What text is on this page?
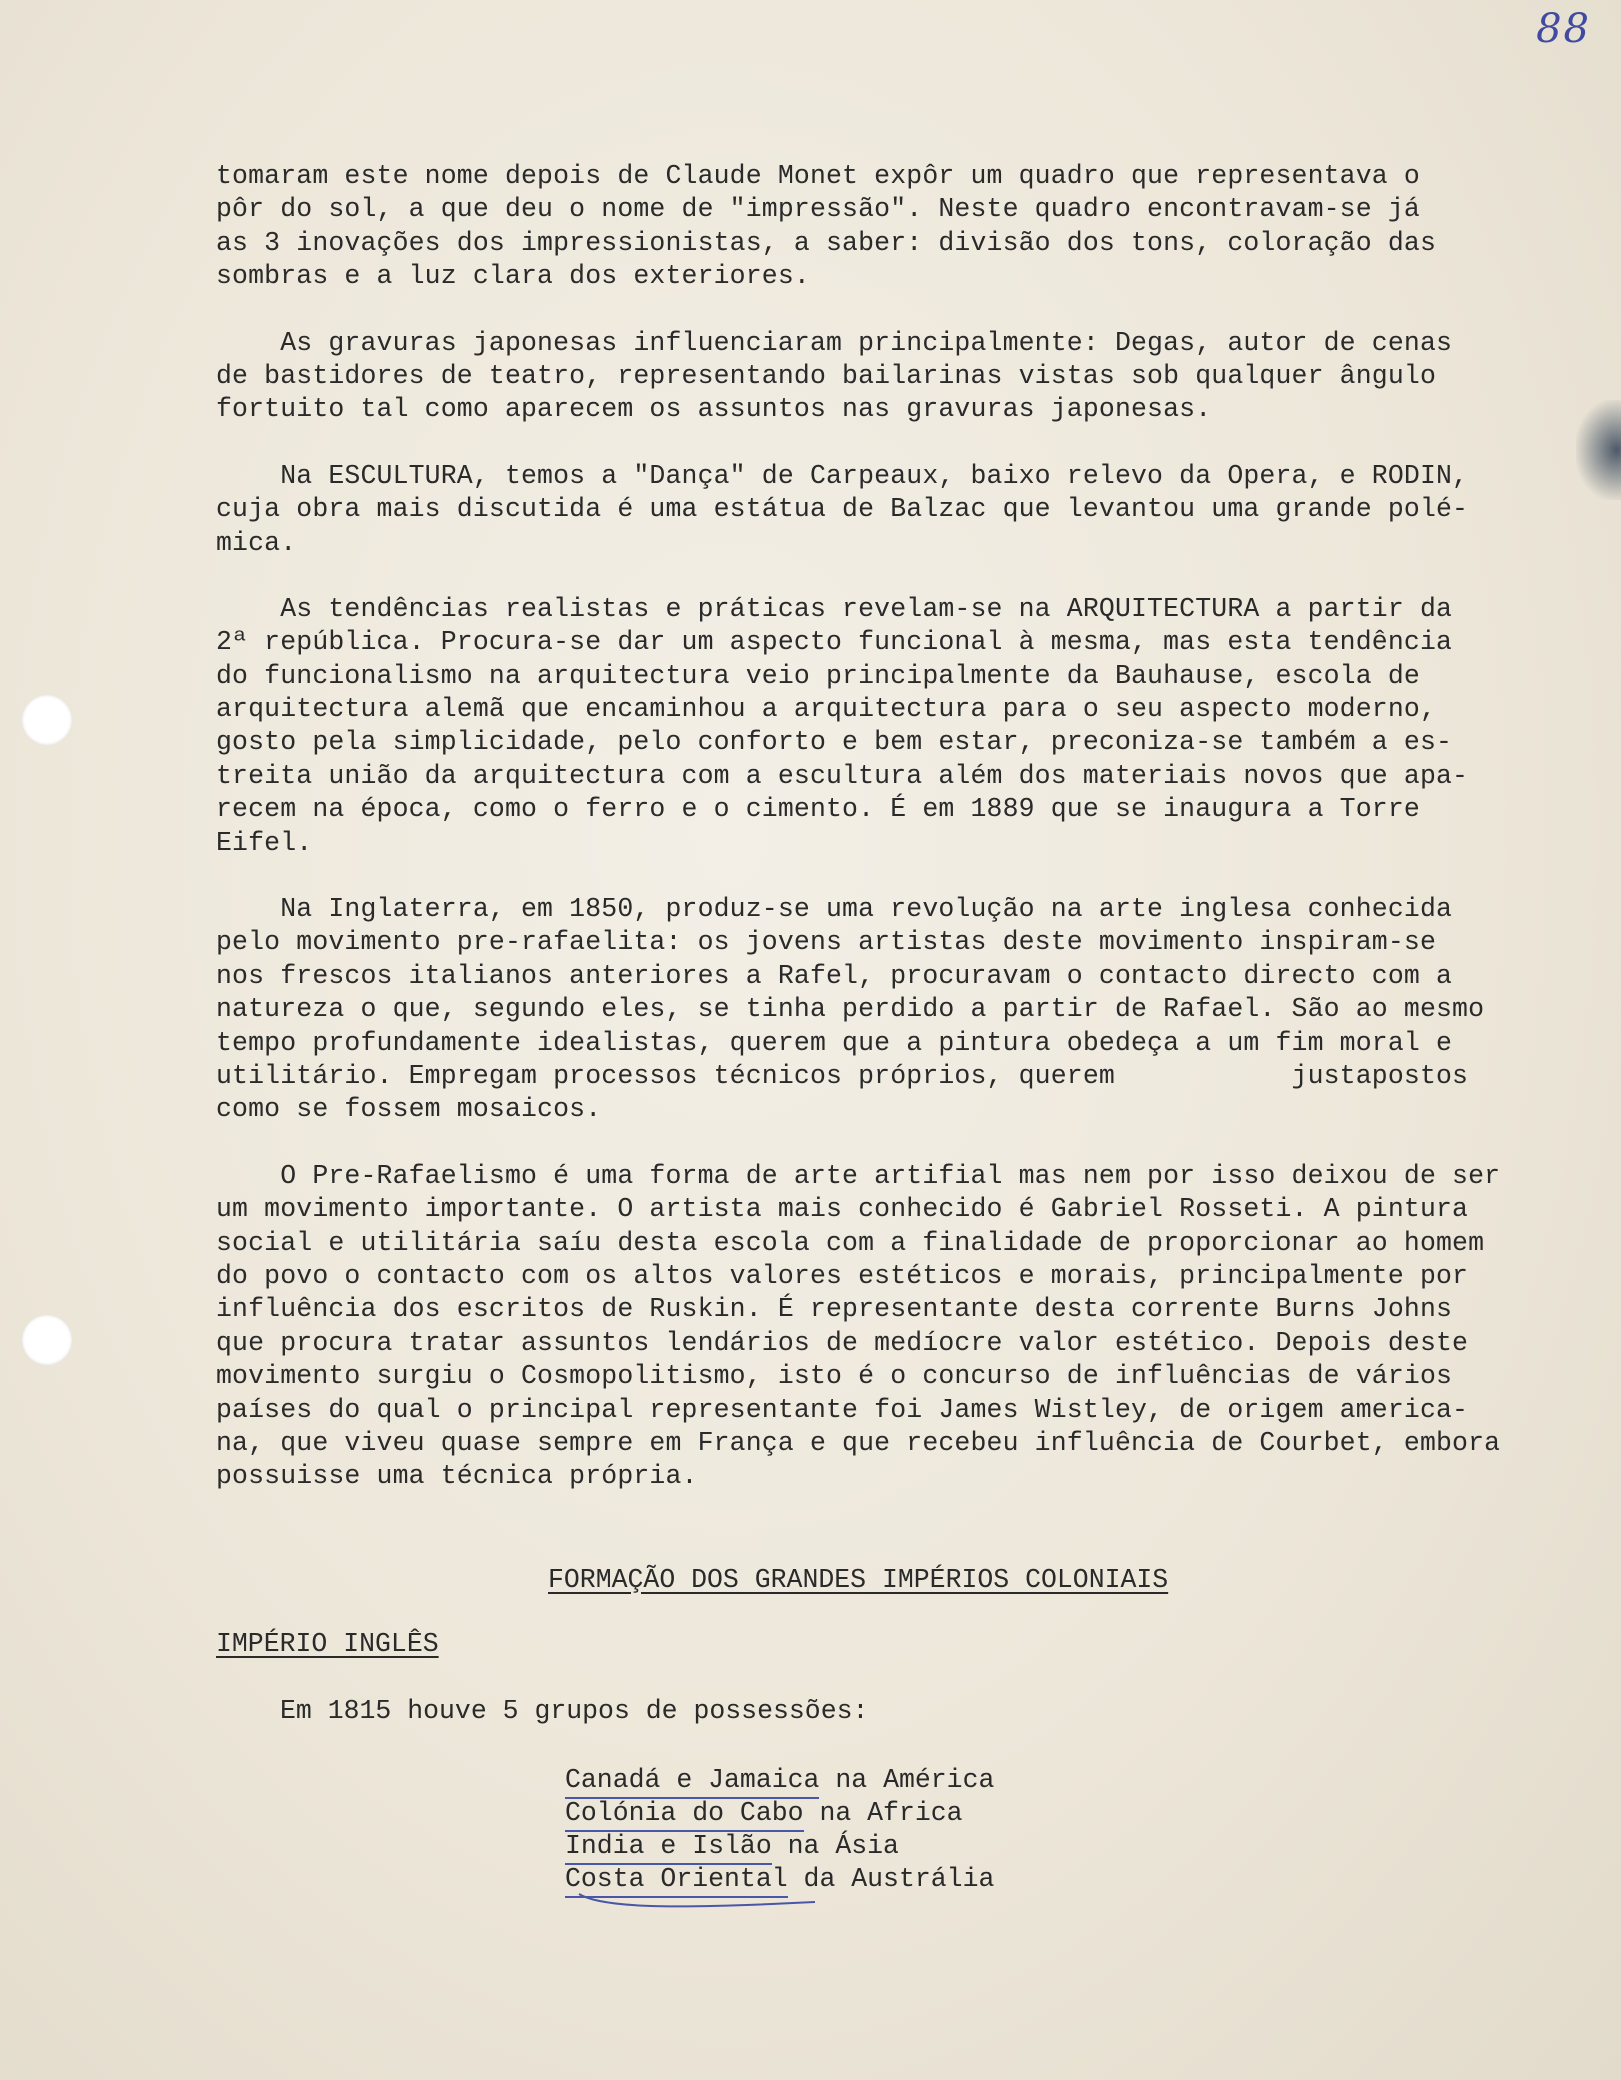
88
tomaram este nome depois de Claude Monet expôr um quadro que representava o
pôr do sol, a que deu o nome de "impressão". Neste quadro encontravam-se já
as 3 inovações dos impressionistas, a saber: divisão dos tons, coloração das
sombras e a luz clara dos exteriores.
As gravuras japonesas influenciaram principalmente: Degas, autor de cenas
de bastidores de teatro, representando bailarinas vistas sob qualquer ângulo
fortuito tal como aparecem os assuntos nas gravuras japonesas.
Na ESCULTURA, temos a "Dança" de Carpeaux, baixo relevo da Opera, e RODIN,
cuja obra mais discutida é uma estátua de Balzac que levantou uma grande polé-
mica.
As tendências realistas e práticas revelam-se na ARQUITECTURA a partir da
2ª república. Procura-se dar um aspecto funcional à mesma, mas esta tendência
do funcionalismo na arquitectura veio principalmente da Bauhause, escola de
arquitectura alemã que encaminhou a arquitectura para o seu aspecto moderno,
gosto pela simplicidade, pelo conforto e bem estar, preconiza-se também a es-
treita união da arquitectura com a escultura além dos materiais novos que apa-
recem na época, como o ferro e o cimento. É em 1889 que se inaugura a Torre
Eifel.
Na Inglaterra, em 1850, produz-se uma revolução na arte inglesa conhecida
pelo movimento pre-rafaelita: os jovens artistas deste movimento inspiram-se
nos frescos italianos anteriores a Rafel, procuravam o contacto directo com a
natureza o que, segundo eles, se tinha perdido a partir de Rafael. São ao mesmo
tempo profundamente idealistas, querem que a pintura obedeça a um fim moral e
utilitário. Empregam processos técnicos próprios, querem           justapostos
como se fossem mosaicos.
O Pre-Rafaelismo é uma forma de arte artifial mas nem por isso deixou de ser
um movimento importante. O artista mais conhecido é Gabriel Rosseti. A pintura
social e utilitária saíu desta escola com a finalidade de proporcionar ao homem
do povo o contacto com os altos valores estéticos e morais, principalmente por
influência dos escritos de Ruskin. É representante desta corrente Burns Johns
que procura tratar assuntos lendários de medíocre valor estético. Depois deste
movimento surgiu o Cosmopolitismo, isto é o concurso de influências de vários
países do qual o principal representante foi James Wistley, de origem america-
na, que viveu quase sempre em França e que recebeu influência de Courbet, embora
possuisse uma técnica própria.
FORMAÇÃO DOS GRANDES IMPÉRIOS COLONIAIS
IMPÉRIO INGLÊS
Em 1815 houve 5 grupos de possessões:
Canadá e Jamaica na América
Colónia do Cabo na Africa
India e Islão na Ásia
Costa Oriental da Austrália
